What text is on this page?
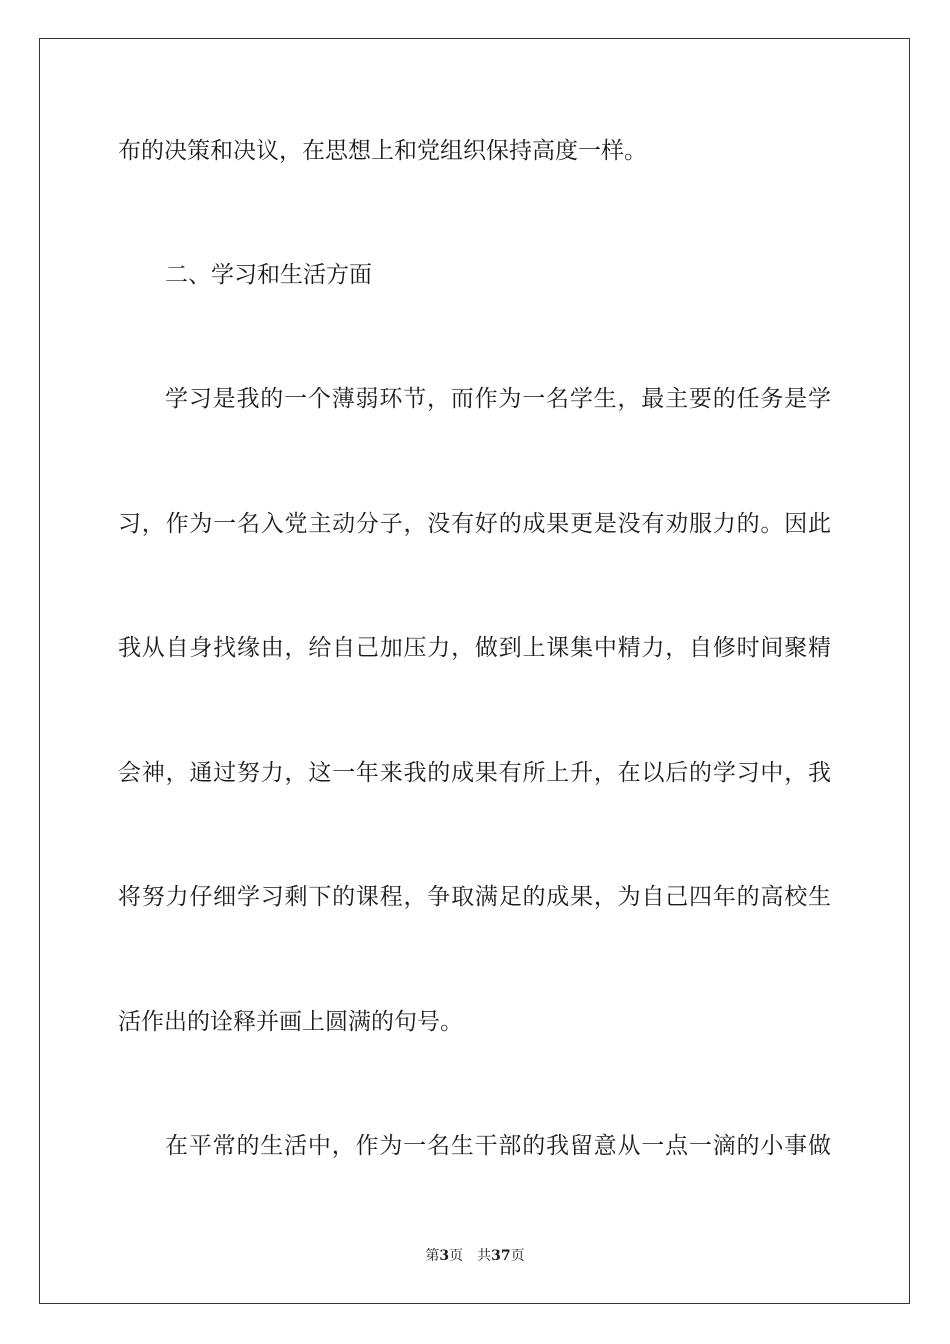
布的决策和决议，在思想上和党组织保持高度一样。
二、学习和生活方面
学习是我的一个薄弱环节，而作为一名学生，最主要的任务是学
习，作为一名入党主动分子，没有好的成果更是没有劝服力的。因此
我从自身找缘由，给自己加压力，做到上课集中精力，自修时间聚精
会神，通过努力，这一年来我的成果有所上升，在以后的学习中，我
将努力仔细学习剩下的课程，争取满足的成果，为自己四年的高校生
活作出的诠释并画上圆满的句号。
在平常的生活中，作为一名生干部的我留意从一点一滴的小事做
第3页 共37页
